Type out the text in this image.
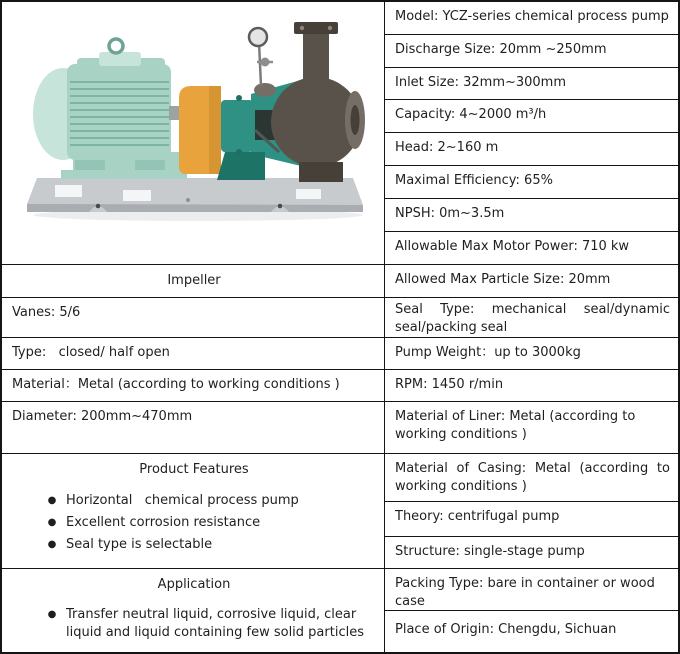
Impeller
Vanes: 5/6
Type:   closed/ half open
Material：Metal (according to working conditions )
Diameter: 200mm~470mm
Product Features
● Horizontal   chemical process pump
● Excellent corrosion resistance
● Seal type is selectable
Application
● Transfer neutral liquid, corrosive liquid, clear liquid and liquid containing few solid particles
Model: YCZ-series chemical process pump
Discharge Size: 20mm ~250mm
Inlet Size: 32mm~300mm
Capacity: 4~2000 m³/h
Head: 2~160 m
Maximal Efficiency: 65%
NPSH: 0m~3.5m
Allowable Max Motor Power: 710 kw
Allowed Max Particle Size: 20mm
Seal Type: mechanical seal/dynamic seal/packing seal
Pump Weight：up to 3000kg
RPM: 1450 r/min
Material of Liner: Metal (according to working conditions )
Material of Casing: Metal (according to working conditions )
Theory: centrifugal pump
Structure: single-stage pump
Packing Type: bare in container or wood case
Place of Origin: Chengdu, Sichuan
